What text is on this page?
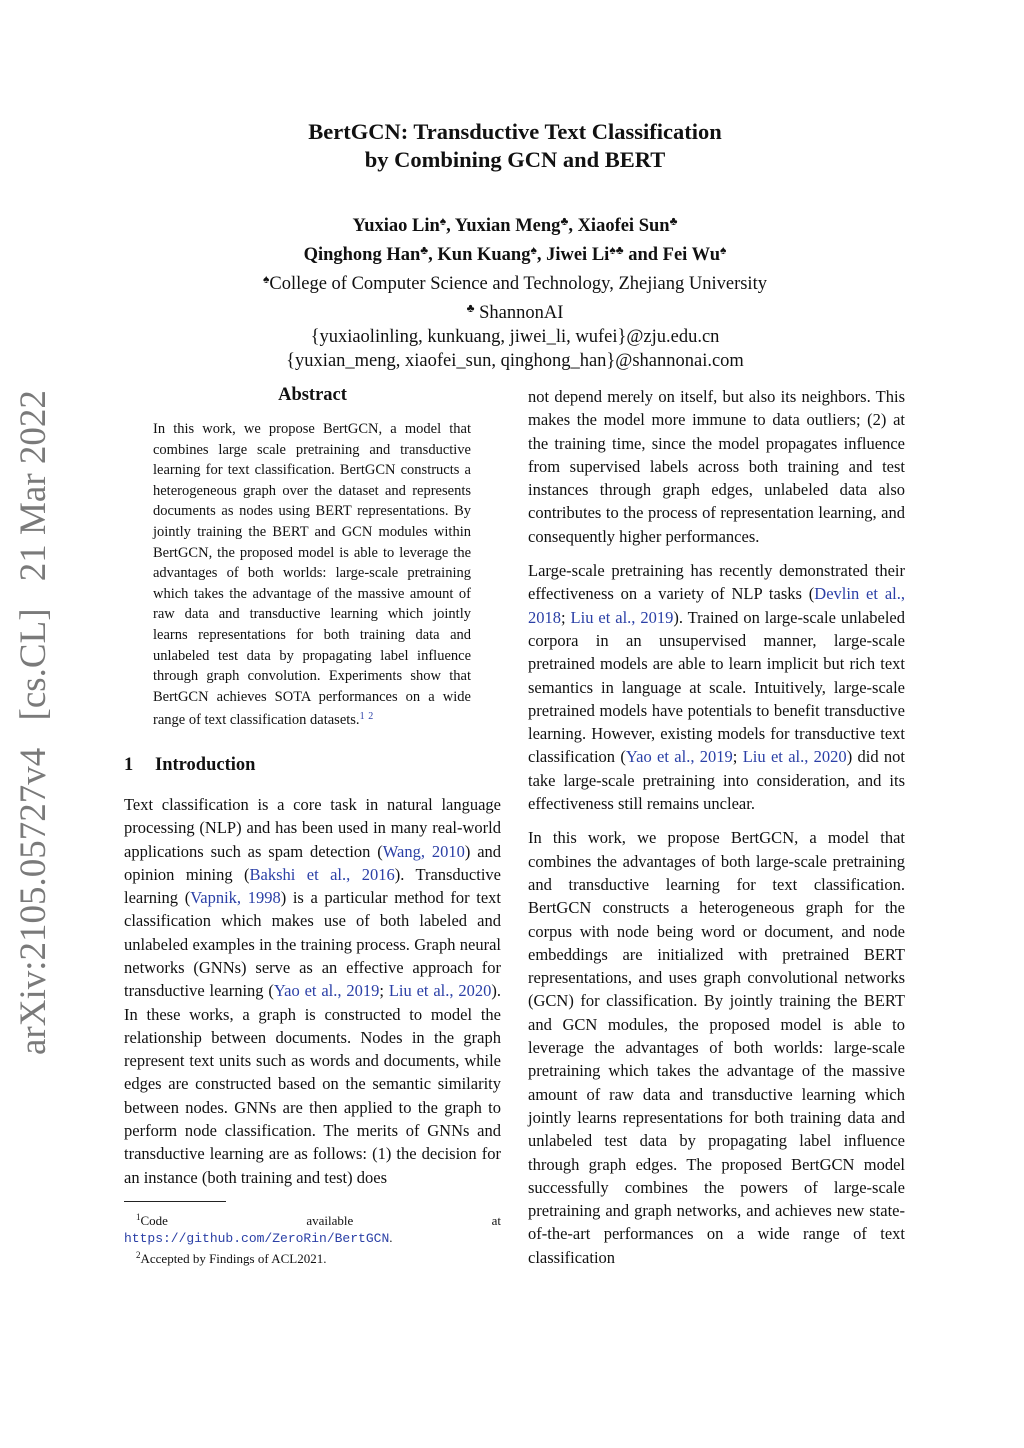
arXiv:2105.05727v4 [cs.CL] 21 Mar 2022

BertGCN: Transductive Text Classification
by Combining GCN and BERT

Yuxiao Lin♠, Yuxian Meng♣, Xiaofei Sun♣
Qinghong Han♣, Kun Kuang♠, Jiwei Li♠♣ and Fei Wu♠
♠College of Computer Science and Technology, Zhejiang University
♣ ShannonAI
{yuxiaolinling, kunkuang, jiwei_li, wufei}@zju.edu.cn
{yuxian_meng, xiaofei_sun, qinghong_han}@shannonai.com

Abstract

In this work, we propose BertGCN, a model that combines large scale pretraining and transductive learning for text classification. BertGCN constructs a heterogeneous graph over the dataset and represents documents as nodes using BERT representations. By jointly training the BERT and GCN modules within BertGCN, the proposed model is able to leverage the advantages of both worlds: large-scale pretraining which takes the advantage of the massive amount of raw data and transductive learning which jointly learns representations for both training data and unlabeled test data by propagating label influence through graph convolution. Experiments show that BertGCN achieves SOTA performances on a wide range of text classification datasets.$^1$ $^2$

1 Introduction

Text classification is a core task in natural language processing (NLP) and has been used in many real-world applications such as spam detection (Wang, 2010) and opinion mining (Bakshi et al., 2016). Transductive learning (Vapnik, 1998) is a particular method for text classification which makes use of both labeled and unlabeled examples in the training process. Graph neural networks (GNNs) serve as an effective approach for transductive learning (Yao et al., 2019; Liu et al., 2020). In these works, a graph is constructed to model the relationship between documents. Nodes in the graph represent text units such as words and documents, while edges are constructed based on the semantic similarity between nodes. GNNs are then applied to the graph to perform node classification. The merits of GNNs and transductive learning are as follows: (1) the decision for an instance (both training and test) does

$^1$Code available at https://github.com/ZeroRin/BertGCN.

$^2$Accepted by Findings of ACL2021.

not depend merely on itself, but also its neighbors. This makes the model more immune to data outliers; (2) at the training time, since the model propagates influence from supervised labels across both training and test instances through graph edges, unlabeled data also contributes to the process of representation learning, and consequently higher performances.

Large-scale pretraining has recently demonstrated their effectiveness on a variety of NLP tasks (Devlin et al., 2018; Liu et al., 2019). Trained on large-scale unlabeled corpora in an unsupervised manner, large-scale pretrained models are able to learn implicit but rich text semantics in language at scale. Intuitively, large-scale pretrained models have potentials to benefit transductive learning. However, existing models for transductive text classification (Yao et al., 2019; Liu et al., 2020) did not take large-scale pretraining into consideration, and its effectiveness still remains unclear.

In this work, we propose BertGCN, a model that combines the advantages of both large-scale pretraining and transductive learning for text classification. BertGCN constructs a heterogeneous graph for the corpus with node being word or document, and node embeddings are initialized with pretrained BERT representations, and uses graph convolutional networks (GCN) for classification. By jointly training the BERT and GCN modules, the proposed model is able to leverage the advantages of both worlds: large-scale pretraining which takes the advantage of the massive amount of raw data and transductive learning which jointly learns representations for both training data and unlabeled test data by propagating label influence through graph edges. The proposed BertGCN model successfully combines the powers of large-scale pretraining and graph networks, and achieves new state-of-the-art performances on a wide range of text classification
